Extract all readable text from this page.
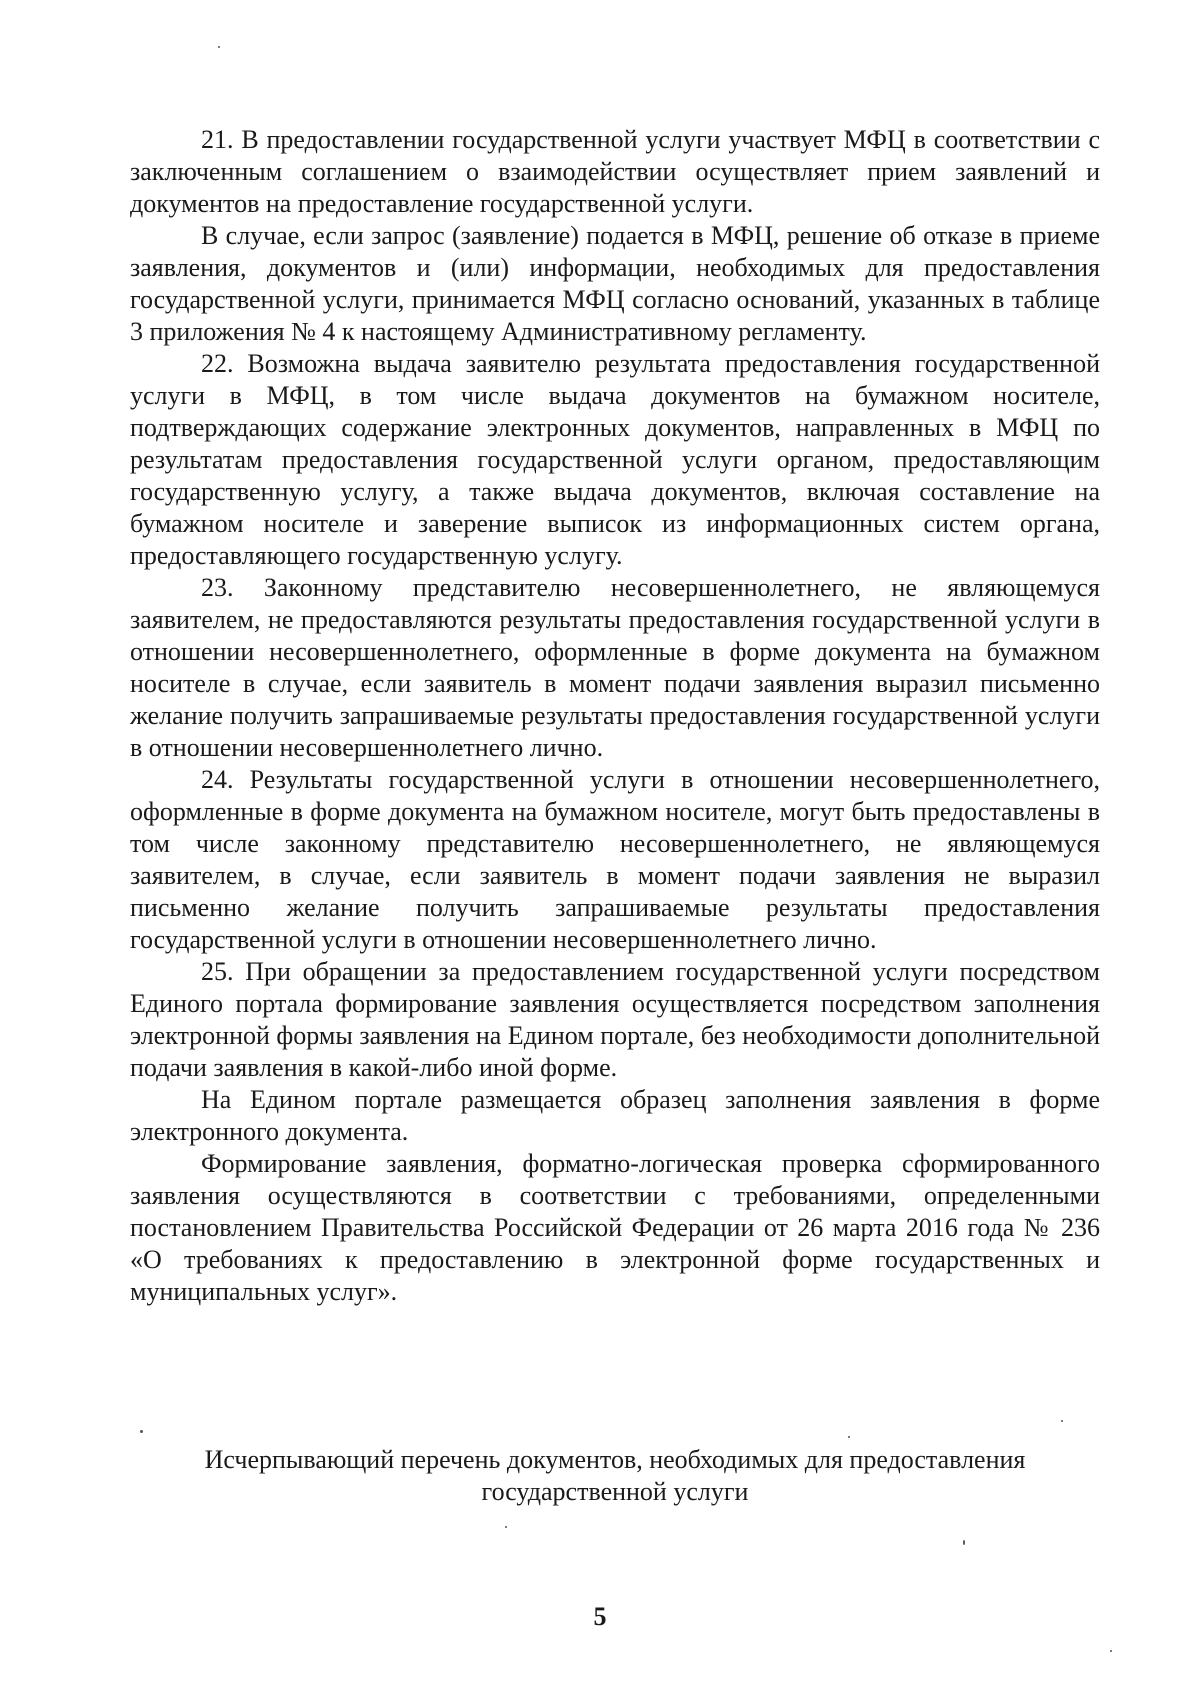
21. В предоставлении государственной услуги участвует МФЦ в соответствии с заключенным соглашением о взаимодействии осуществляет прием заявлений и документов на предоставление государственной услуги.

В случае, если запрос (заявление) подается в МФЦ, решение об отказе в приеме заявления, документов и (или) информации, необходимых для предоставления государственной услуги, принимается МФЦ согласно оснований, указанных в таблице 3 приложения № 4 к настоящему Административному регламенту.

22. Возможна выдача заявителю результата предоставления государственной услуги в МФЦ, в том числе выдача документов на бумажном носителе, подтверждающих содержание электронных документов, направленных в МФЦ по результатам предоставления государственной услуги органом, предоставляющим государственную услугу, а также выдача документов, включая составление на бумажном носителе и заверение выписок из информационных систем органа, предоставляющего государственную услугу.

23. Законному представителю несовершеннолетнего, не являющемуся заявителем, не предоставляются результаты предоставления государственной услуги в отношении несовершеннолетнего, оформленные в форме документа на бумажном носителе в случае, если заявитель в момент подачи заявления выразил письменно желание получить запрашиваемые результаты предоставления государственной услуги в отношении несовершеннолетнего лично.

24. Результаты государственной услуги в отношении несовершеннолетнего, оформленные в форме документа на бумажном носителе, могут быть предоставлены в том числе законному представителю несовершеннолетнего, не являющемуся заявителем, в случае, если заявитель в момент подачи заявления не выразил письменно желание получить запрашиваемые результаты предоставления государственной услуги в отношении несовершеннолетнего лично.

25. При обращении за предоставлением государственной услуги посредством Единого портала формирование заявления осуществляется посредством заполнения электронной формы заявления на Едином портале, без необходимости дополнительной подачи заявления в какой-либо иной форме.

На Едином портале размещается образец заполнения заявления в форме электронного документа.

Формирование заявления, форматно-логическая проверка сформированного заявления осуществляются в соответствии с требованиями, определенными постановлением Правительства Российской Федерации от 26 марта 2016 года № 236 «О требованиях к предоставлению в электронной форме государственных и муниципальных услуг».

Исчерпывающий перечень документов, необходимых для предоставления
государственной услуги
5
